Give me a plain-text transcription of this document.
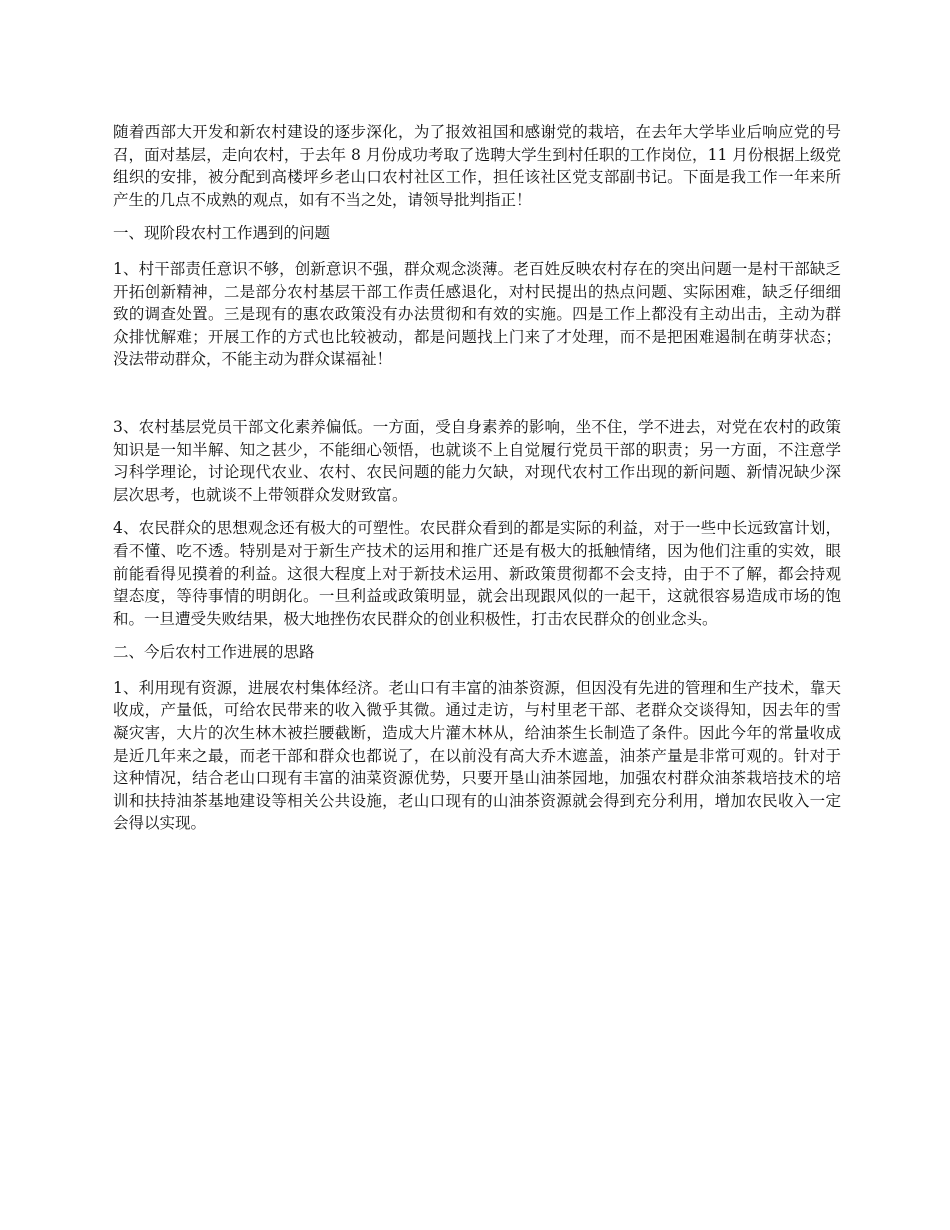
随着西部大开发和新农村建设的逐步深化，为了报效祖国和感谢党的栽培，在去年大学毕业后响应党的号召，面对基层，走向农村，于去年 8 月份成功考取了选聘大学生到村任职的工作岗位，11 月份根据上级党组织的安排，被分配到高楼坪乡老山口农村社区工作，担任该社区党支部副书记。下面是我工作一年来所产生的几点不成熟的观点，如有不当之处，请领导批判指正！

一、现阶段农村工作遇到的问题

1、村干部责任意识不够，创新意识不强，群众观念淡薄。老百姓反映农村存在的突出问题一是村干部缺乏开拓创新精神，二是部分农村基层干部工作责任感退化，对村民提出的热点问题、实际困难，缺乏仔细细致的调查处置。三是现有的惠农政策没有办法贯彻和有效的实施。四是工作上都没有主动出击，主动为群众排忧解难；开展工作的方式也比较被动，都是问题找上门来了才处理，而不是把困难遏制在萌芽状态；没法带动群众，不能主动为群众谋福祉！

3、农村基层党员干部文化素养偏低。一方面，受自身素养的影响，坐不住，学不进去，对党在农村的政策知识是一知半解、知之甚少，不能细心领悟，也就谈不上自觉履行党员干部的职责；另一方面，不注意学习科学理论，讨论现代农业、农村、农民问题的能力欠缺，对现代农村工作出现的新问题、新情况缺少深层次思考，也就谈不上带领群众发财致富。

4、农民群众的思想观念还有极大的可塑性。农民群众看到的都是实际的利益，对于一些中长远致富计划，看不懂、吃不透。特别是对于新生产技术的运用和推广还是有极大的抵触情绪，因为他们注重的实效，眼前能看得见摸着的利益。这很大程度上对于新技术运用、新政策贯彻都不会支持，由于不了解，都会持观望态度，等待事情的明朗化。一旦利益或政策明显，就会出现跟风似的一起干，这就很容易造成市场的饱和。一旦遭受失败结果，极大地挫伤农民群众的创业积极性，打击农民群众的创业念头。

二、今后农村工作进展的思路

1、利用现有资源，进展农村集体经济。老山口有丰富的油茶资源，但因没有先进的管理和生产技术，靠天收成，产量低，可给农民带来的收入微乎其微。通过走访，与村里老干部、老群众交谈得知，因去年的雪凝灾害，大片的次生林木被拦腰截断，造成大片灌木林从，给油茶生长制造了条件。因此今年的常量收成是近几年来之最，而老干部和群众也都说了，在以前没有高大乔木遮盖，油茶产量是非常可观的。针对于这种情况，结合老山口现有丰富的油菜资源优势，只要开垦山油茶园地，加强农村群众油茶栽培技术的培训和扶持油茶基地建设等相关公共设施，老山口现有的山油茶资源就会得到充分利用，增加农民收入一定会得以实现。
